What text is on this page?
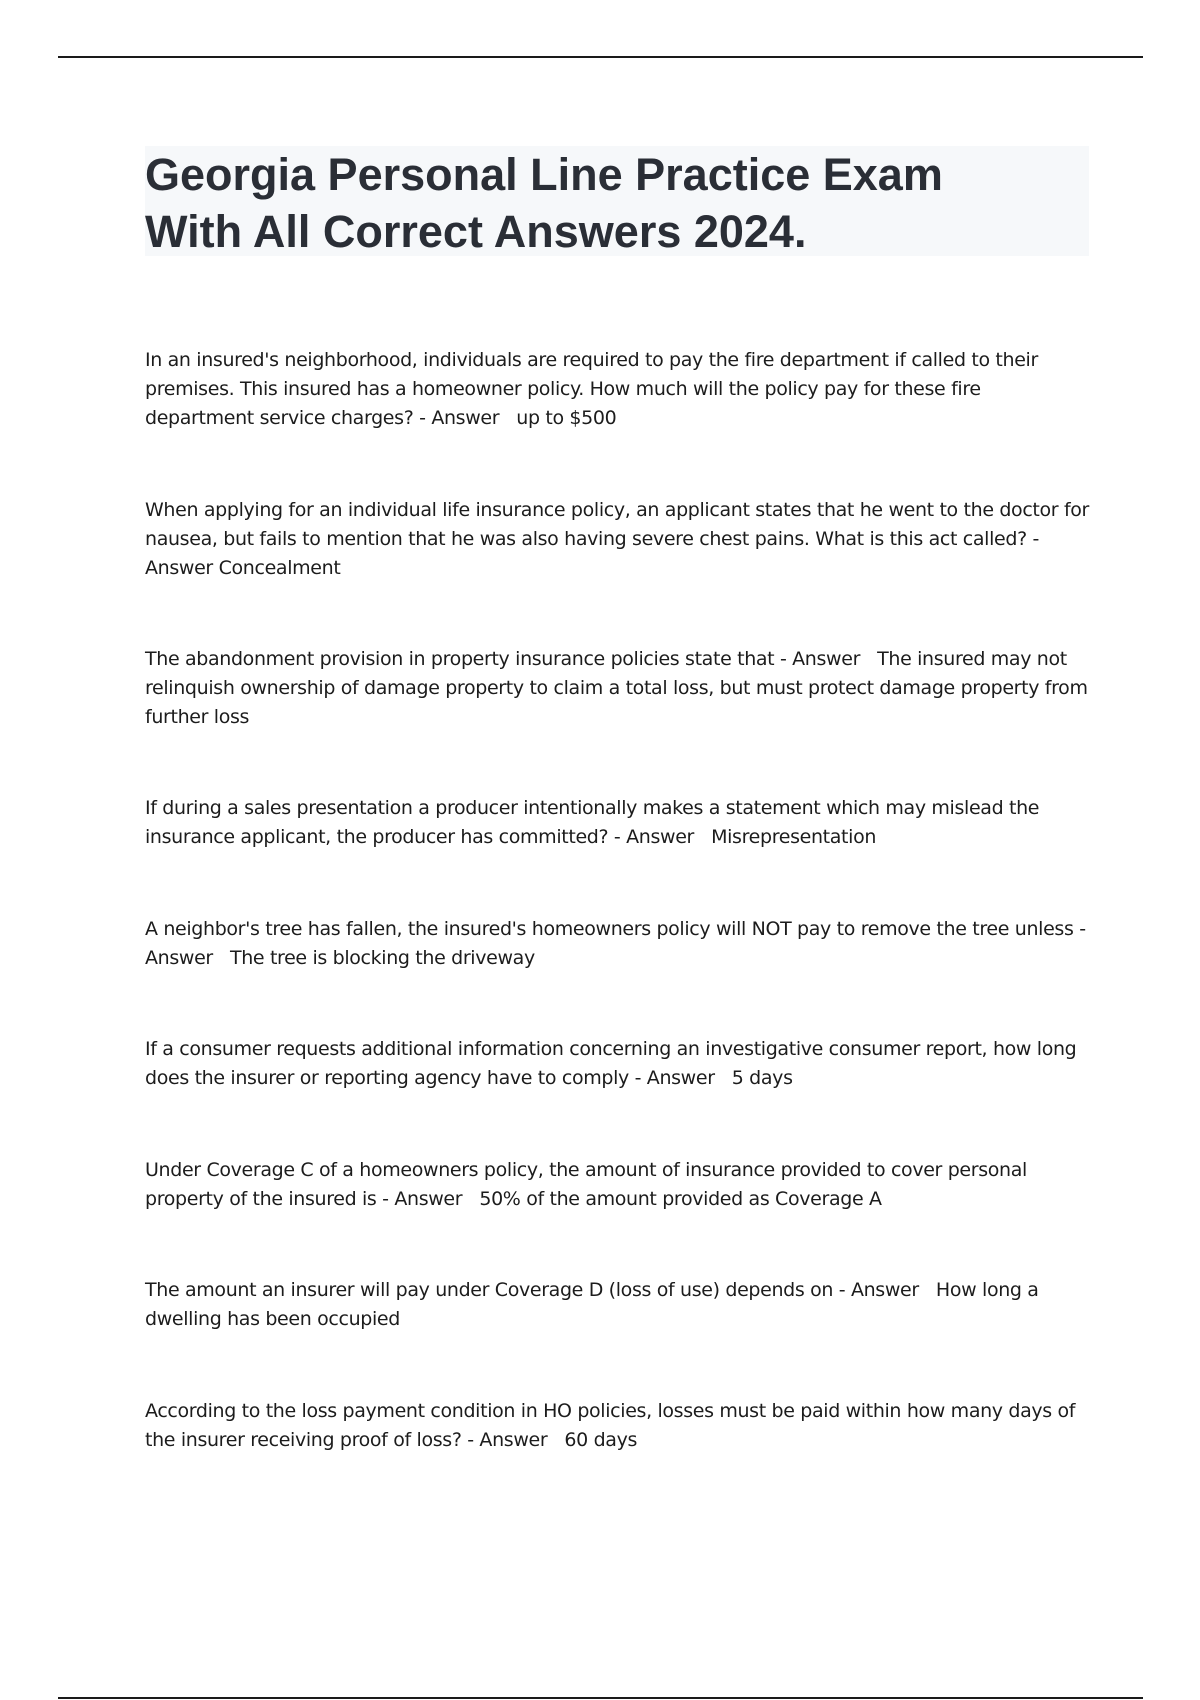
Georgia Personal Line Practice Exam
With All Correct Answers 2024.

In an insured's neighborhood, individuals are required to pay the fire department if called to their premises. This insured has a homeowner policy. How much will the policy pay for these fire department service charges? - Answer up to $500

When applying for an individual life insurance policy, an applicant states that he went to the doctor for nausea, but fails to mention that he was also having severe chest pains. What is this act called? - Answer Concealment

The abandonment provision in property insurance policies state that - Answer The insured may not relinquish ownership of damage property to claim a total loss, but must protect damage property from further loss

If during a sales presentation a producer intentionally makes a statement which may mislead the insurance applicant, the producer has committed? - Answer Misrepresentation

A neighbor's tree has fallen, the insured's homeowners policy will NOT pay to remove the tree unless - Answer The tree is blocking the driveway

If a consumer requests additional information concerning an investigative consumer report, how long does the insurer or reporting agency have to comply - Answer 5 days

Under Coverage C of a homeowners policy, the amount of insurance provided to cover personal property of the insured is - Answer 50% of the amount provided as Coverage A

The amount an insurer will pay under Coverage D (loss of use) depends on - Answer How long a dwelling has been occupied

According to the loss payment condition in HO policies, losses must be paid within how many days of the insurer receiving proof of loss? - Answer 60 days
